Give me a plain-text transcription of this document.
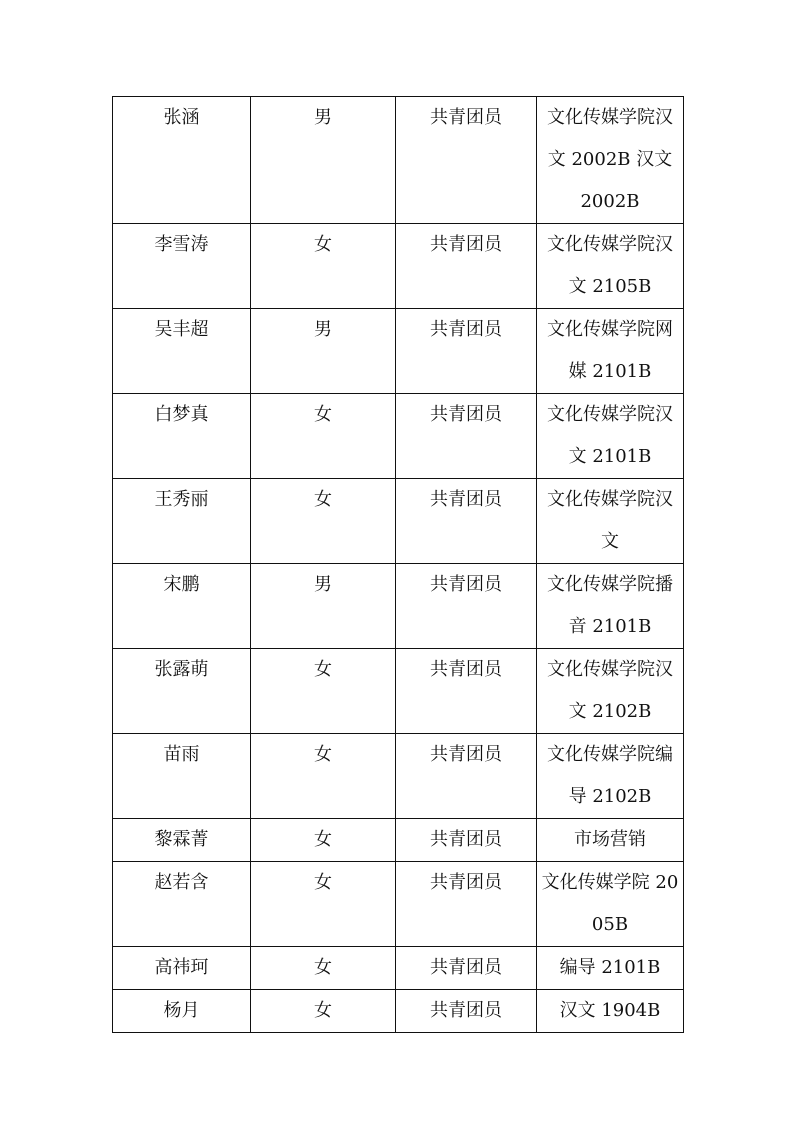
张涵	男	共青团员	文化传媒学院汉文 2002B 汉文 2002B
李雪涛	女	共青团员	文化传媒学院汉文 2105B
吴丰超	男	共青团员	文化传媒学院网媒 2101B
白梦真	女	共青团员	文化传媒学院汉文 2101B
王秀丽	女	共青团员	文化传媒学院汉文
宋鹏	男	共青团员	文化传媒学院播音 2101B
张露萌	女	共青团员	文化传媒学院汉文 2102B
苗雨	女	共青团员	文化传媒学院编导 2102B
黎霖菁	女	共青团员	市场营销
赵若含	女	共青团员	文化传媒学院 2005B
高祎珂	女	共青团员	编导 2101B
杨月	女	共青团员	汉文 1904B
